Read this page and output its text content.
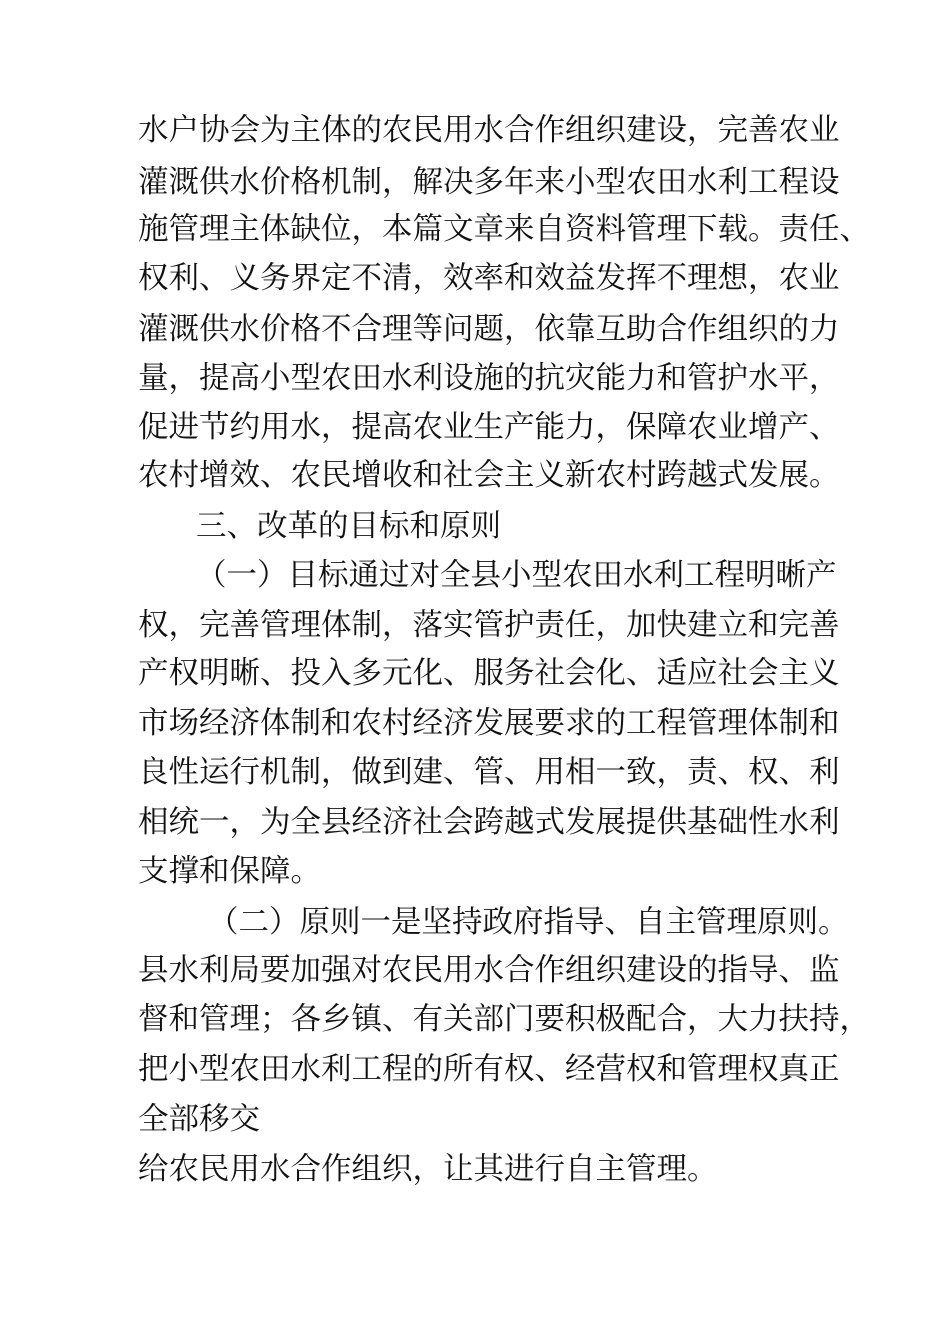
水户协会为主体的农民用水合作组织建设，完善农业

灌溉供水价格机制，解决多年来小型农田水利工程设

施管理主体缺位，本篇文章来自资料管理下载。责任、

权利、义务界定不清，效率和效益发挥不理想，农业

灌溉供水价格不合理等问题，依靠互助合作组织的力

量，提高小型农田水利设施的抗灾能力和管护水平，

促进节约用水，提高农业生产能力，保障农业增产、

农村增效、农民增收和社会主义新农村跨越式发展。

三、改革的目标和原则

（一）目标通过对全县小型农田水利工程明晰产

权，完善管理体制，落实管护责任，加快建立和完善

产权明晰、投入多元化、服务社会化、适应社会主义

市场经济体制和农村经济发展要求的工程管理体制和

良性运行机制，做到建、管、用相一致，责、权、利

相统一，为全县经济社会跨越式发展提供基础性水利

支撑和保障。

（二）原则一是坚持政府指导、自主管理原则。

县水利局要加强对农民用水合作组织建设的指导、监

督和管理；各乡镇、有关部门要积极配合，大力扶持，

把小型农田水利工程的所有权、经营权和管理权真正

全部移交

给农民用水合作组织，让其进行自主管理。
